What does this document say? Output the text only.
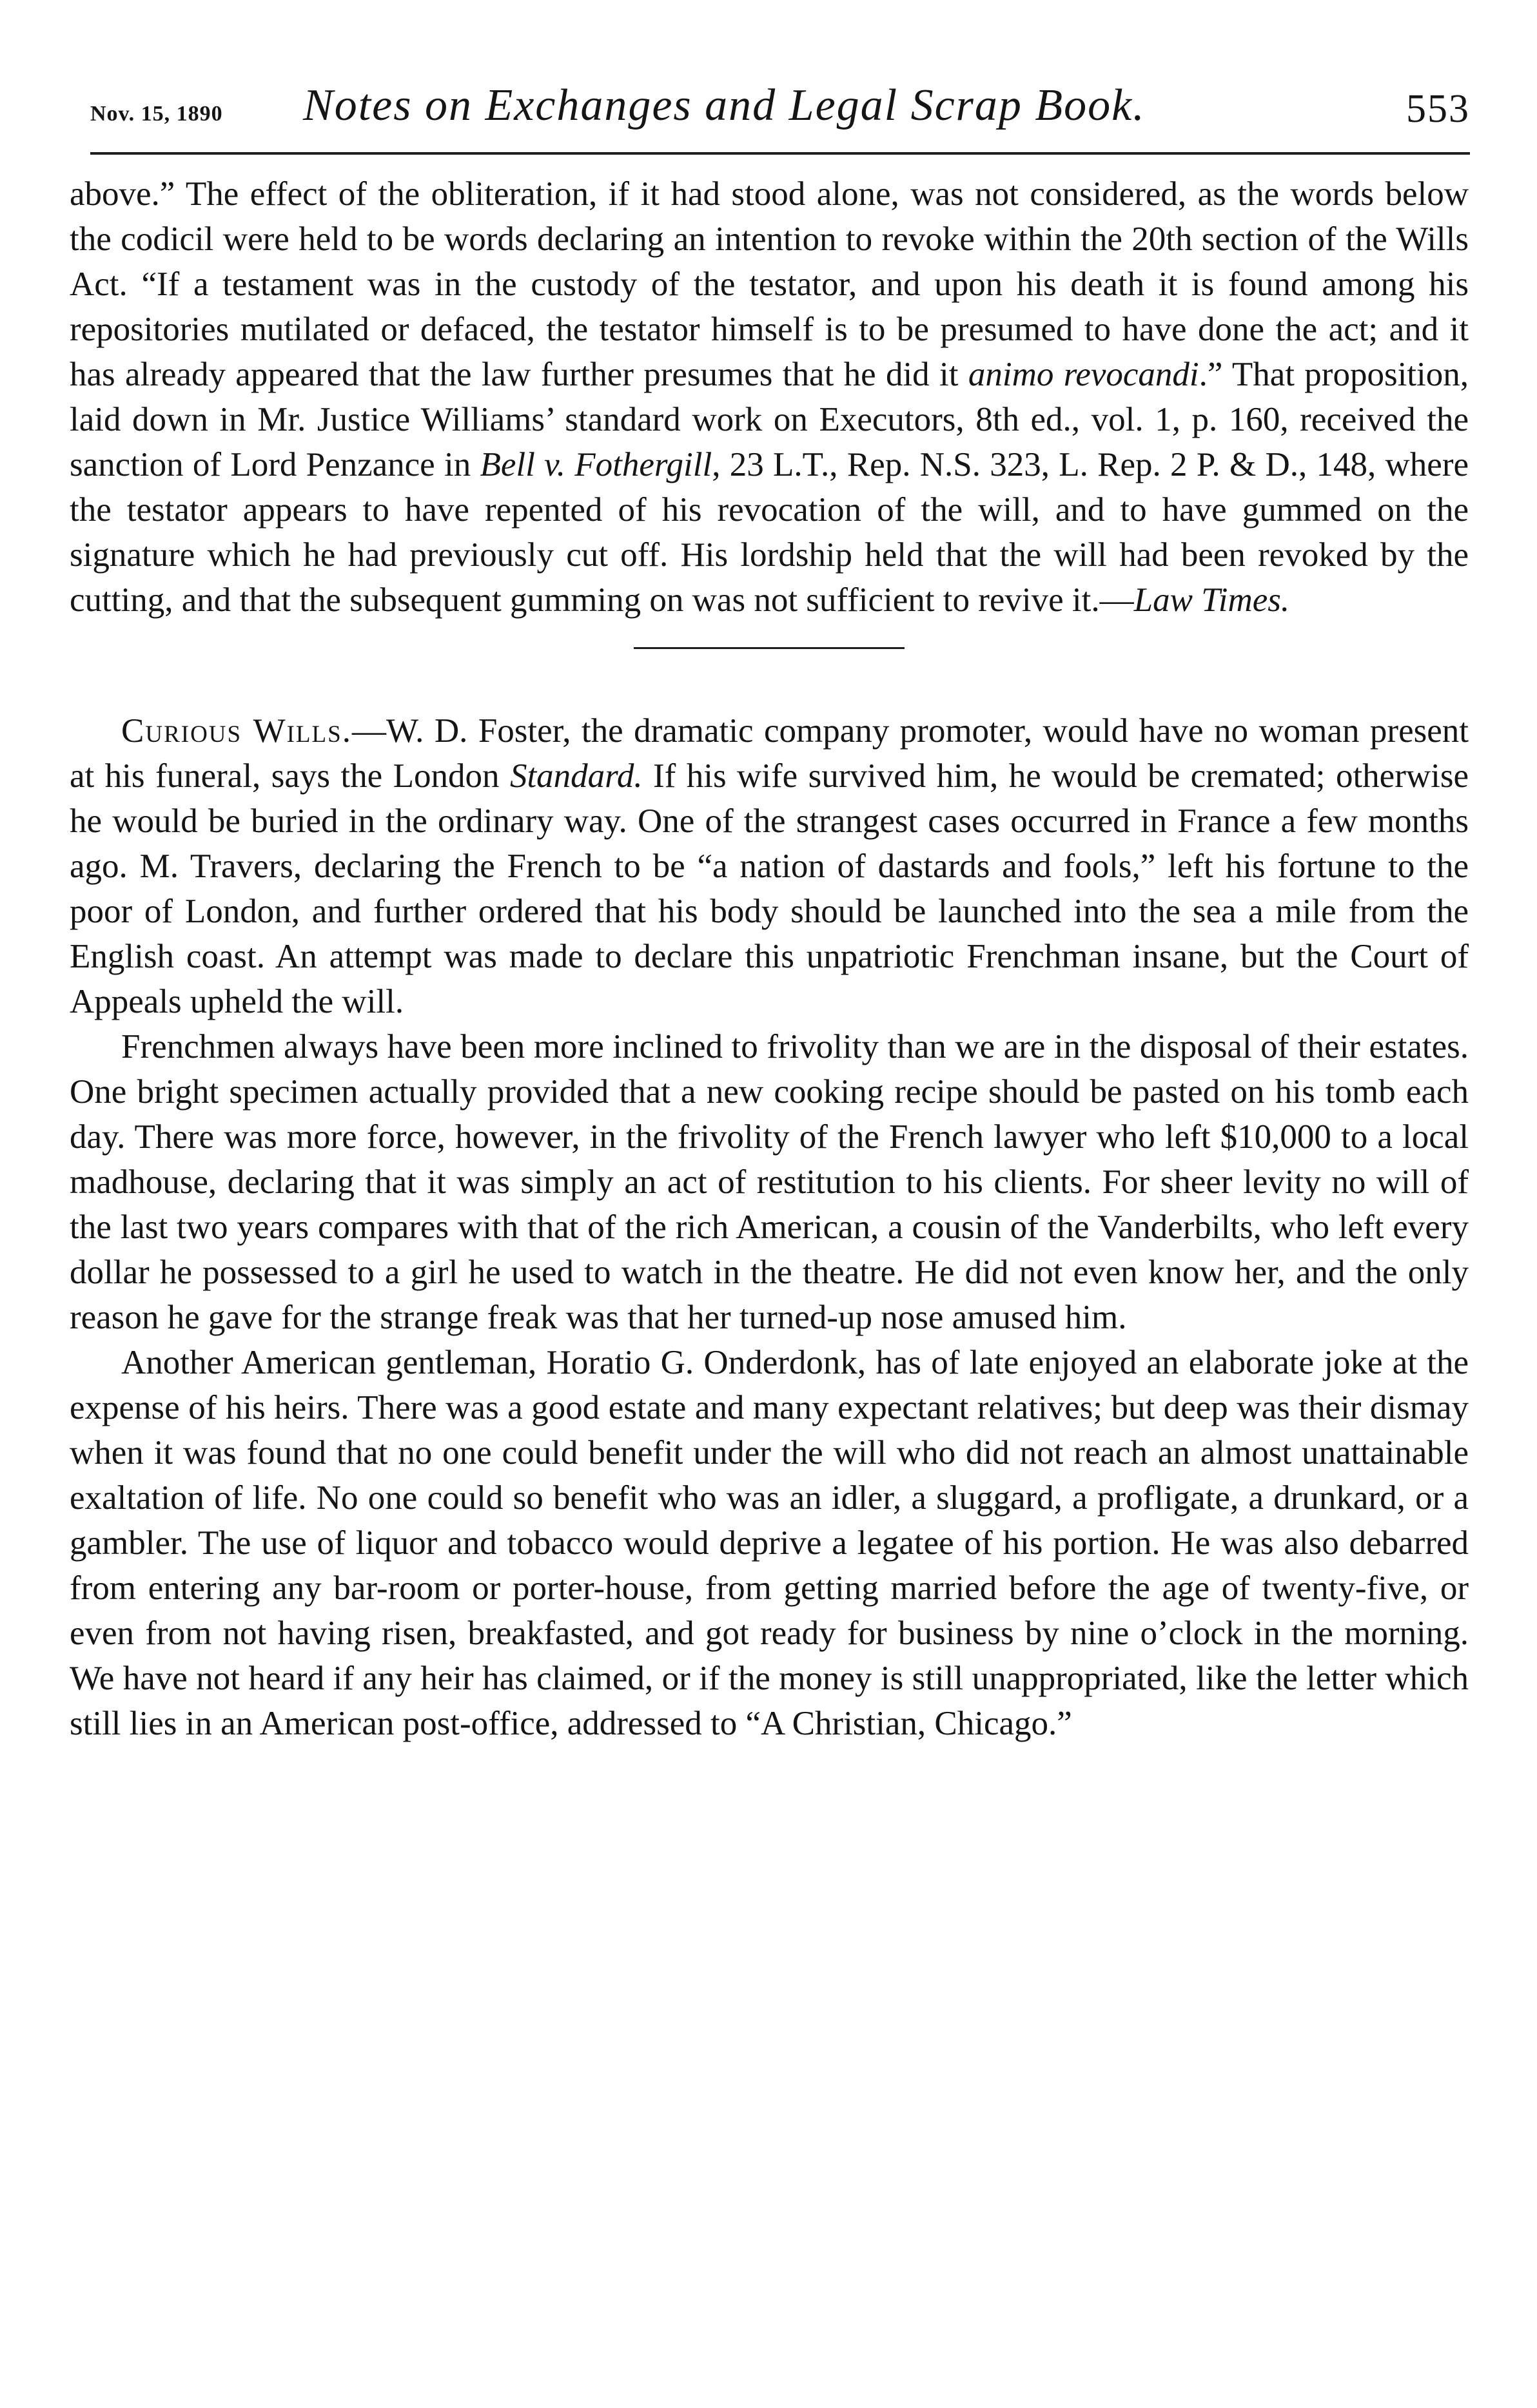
Nov. 15, 1890 Notes on Exchanges and Legal Scrap Book.	553

above.” The effect of the obliteration, if it had stood alone, was not considered, as the words below the codicil were held to be words declaring an intention to revoke within the 20th section of the Wills Act. “If a testament was in the custody of the testator, and upon his death it is found among his repositories mutilated or defaced, the testator himself is to be presumed to have done the act; and it has already appeared that the law further presumes that he did it animo revocandi.” That proposition, laid down in Mr. Justice Williams’ standard work on Executors, 8th ed., vol. 1, p. 160, received the sanction of Lord Penzance in Bell v. Fothergill, 23 L.T., Rep. N.S. 323, L. Rep. 2 P. & D., 148, where the testator appears to have repented of his revocation of the will, and to have gummed on the signature which he had previously cut off. His lordship held that the will had been revoked by the cutting, and that the subsequent gumming on was not sufficient to revive it.—Law Times.

Curious Wills.—W. D. Foster, the dramatic company promoter, would have no woman present at his funeral, says the London Standard. If his wife survived him, he would be cremated; otherwise he would be buried in the ordinary way. One of the strangest cases occurred in France a few months ago. M. Travers, declaring the French to be “a nation of dastards and fools,” left his fortune to the poor of London, and further ordered that his body should be launched into the sea a mile from the English coast. An attempt was made to declare this unpatriotic Frenchman insane, but the Court of Appeals upheld the will.

Frenchmen always have been more inclined to frivolity than we are in the disposal of their estates. One bright specimen actually provided that a new cooking recipe should be pasted on his tomb each day. There was more force, however, in the frivolity of the French lawyer who left $10,000 to a local madhouse, declaring that it was simply an act of restitution to his clients. For sheer levity no will of the last two years compares with that of the rich American, a cousin of the Vanderbilts, who left every dollar he possessed to a girl he used to watch in the theatre. He did not even know her, and the only reason he gave for the strange freak was that her turned-up nose amused him.

Another American gentleman, Horatio G. Onderdonk, has of late enjoyed an elaborate joke at the expense of his heirs. There was a good estate and many expectant relatives; but deep was their dismay when it was found that no one could benefit under the will who did not reach an almost unattainable exaltation of life. No one could so benefit who was an idler, a sluggard, a profligate, a drunkard, or a gambler. The use of liquor and tobacco would deprive a legatee of his portion. He was also debarred from entering any bar-room or porter-house, from getting married before the age of twenty-five, or even from not having risen, breakfasted, and got ready for business by nine o’clock in the morning. We have not heard if any heir has claimed, or if the money is still unappropriated, like the letter which still lies in an American post-office, addressed to “A Christian, Chicago.”
